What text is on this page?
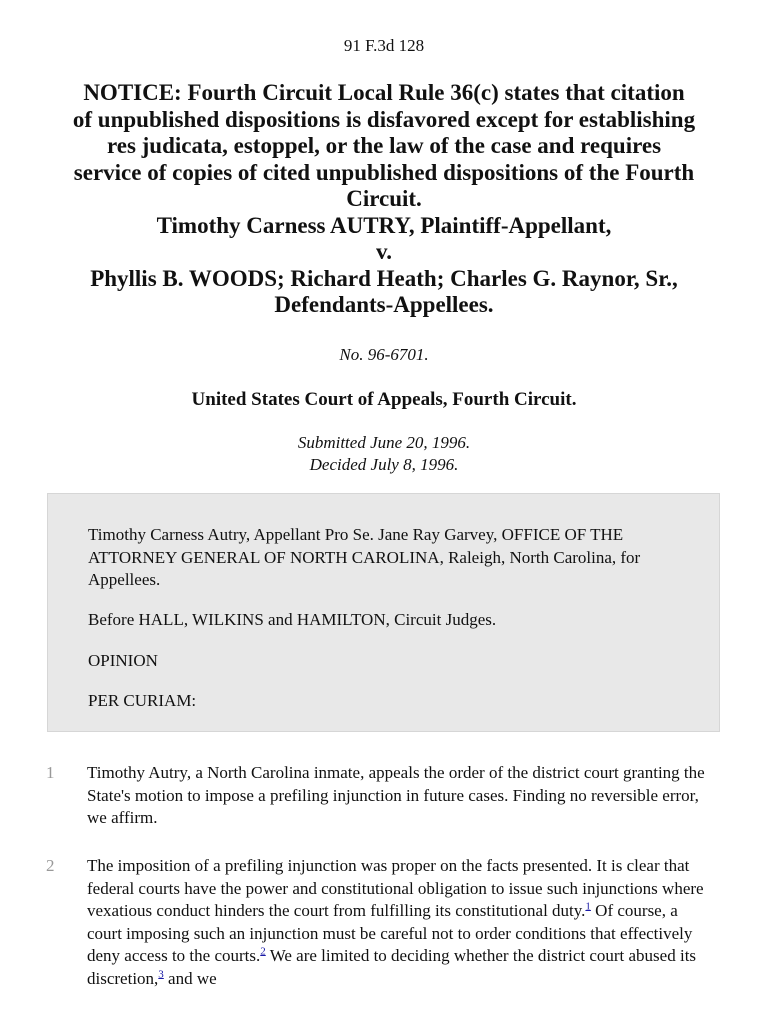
91 F.3d 128
NOTICE: Fourth Circuit Local Rule 36(c) states that citation
of unpublished dispositions is disfavored except for establishing
res judicata, estoppel, or the law of the case and requires
service of copies of cited unpublished dispositions of the Fourth
Circuit.
Timothy Carness AUTRY, Plaintiff-Appellant,
v.
Phyllis B. WOODS; Richard Heath; Charles G. Raynor, Sr.,
Defendants-Appellees.
No. 96-6701.
United States Court of Appeals, Fourth Circuit.
Submitted June 20, 1996.
Decided July 8, 1996.

Timothy Carness Autry, Appellant Pro Se. Jane Ray Garvey, OFFICE OF THE ATTORNEY GENERAL OF NORTH CAROLINA, Raleigh, North Carolina, for Appellees.

Before HALL, WILKINS and HAMILTON, Circuit Judges.

OPINION

PER CURIAM:

1 Timothy Autry, a North Carolina inmate, appeals the order of the district court granting the State's motion to impose a prefiling injunction in future cases. Finding no reversible error, we affirm.
2 The imposition of a prefiling injunction was proper on the facts presented. It is clear that federal courts have the power and constitutional obligation to issue such injunctions where vexatious conduct hinders the court from fulfilling its constitutional duty.$^1$ Of course, a court imposing such an injunction must be careful not to order conditions that effectively deny access to the courts.$^2$ We are limited to deciding whether the district court abused its discretion,$^3$ and we
